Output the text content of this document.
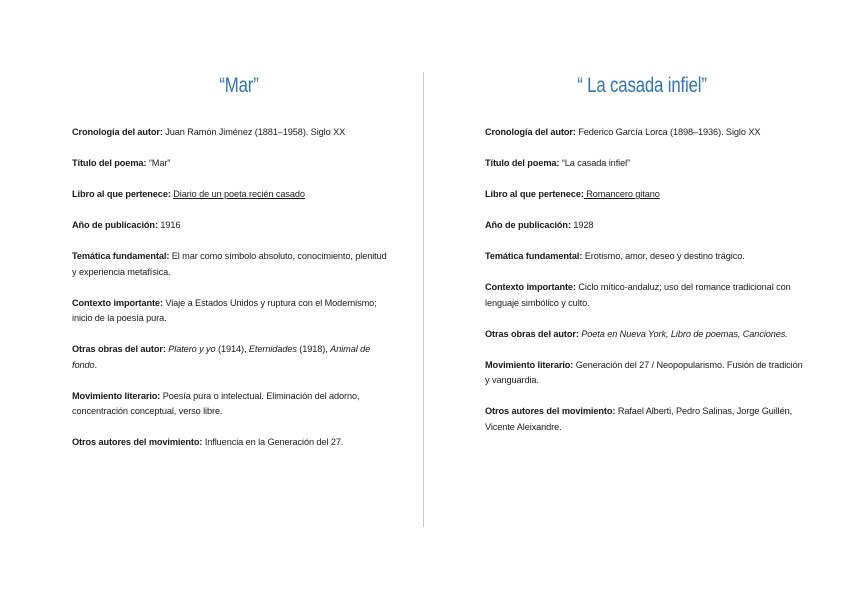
“Mar”

Cronología del autor: Juan Ramón Jiménez (1881–1958). Siglo XX

Título del poema: “Mar”

Libro al que pertenece: Diario de un poeta recién casado

Año de publicación: 1916

Temática fundamental: El mar como símbolo absoluto, conocimiento, plenitud y experiencia metafísica.

Contexto importante: Viaje a Estados Unidos y ruptura con el Modernismo; inicio de la poesía pura.

Otras obras del autor: Platero y yo (1914), Eternidades (1918), Animal de fondo.

Movimiento literario: Poesía pura o intelectual. Eliminación del adorno, concentración conceptual, verso libre.

Otros autores del movimiento: Influencia en la Generación del 27.

“ La casada infiel”

Cronología del autor: Federico García Lorca (1898–1936). Siglo XX

Título del poema: “La casada infiel”

Libro al que pertenece: Romancero gitano

Año de publicación: 1928

Temática fundamental: Erotismo, amor, deseo y destino trágico.

Contexto importante: Ciclo mítico-andaluz; uso del romance tradicional con lenguaje simbólico y culto.

Otras obras del autor: Poeta en Nueva York, Libro de poemas, Canciones.

Movimiento literario: Generación del 27 / Neopopularismo. Fusión de tradición y vanguardia.

Otros autores del movimiento: Rafael Alberti, Pedro Salinas, Jorge Guillén, Vicente Aleixandre.
